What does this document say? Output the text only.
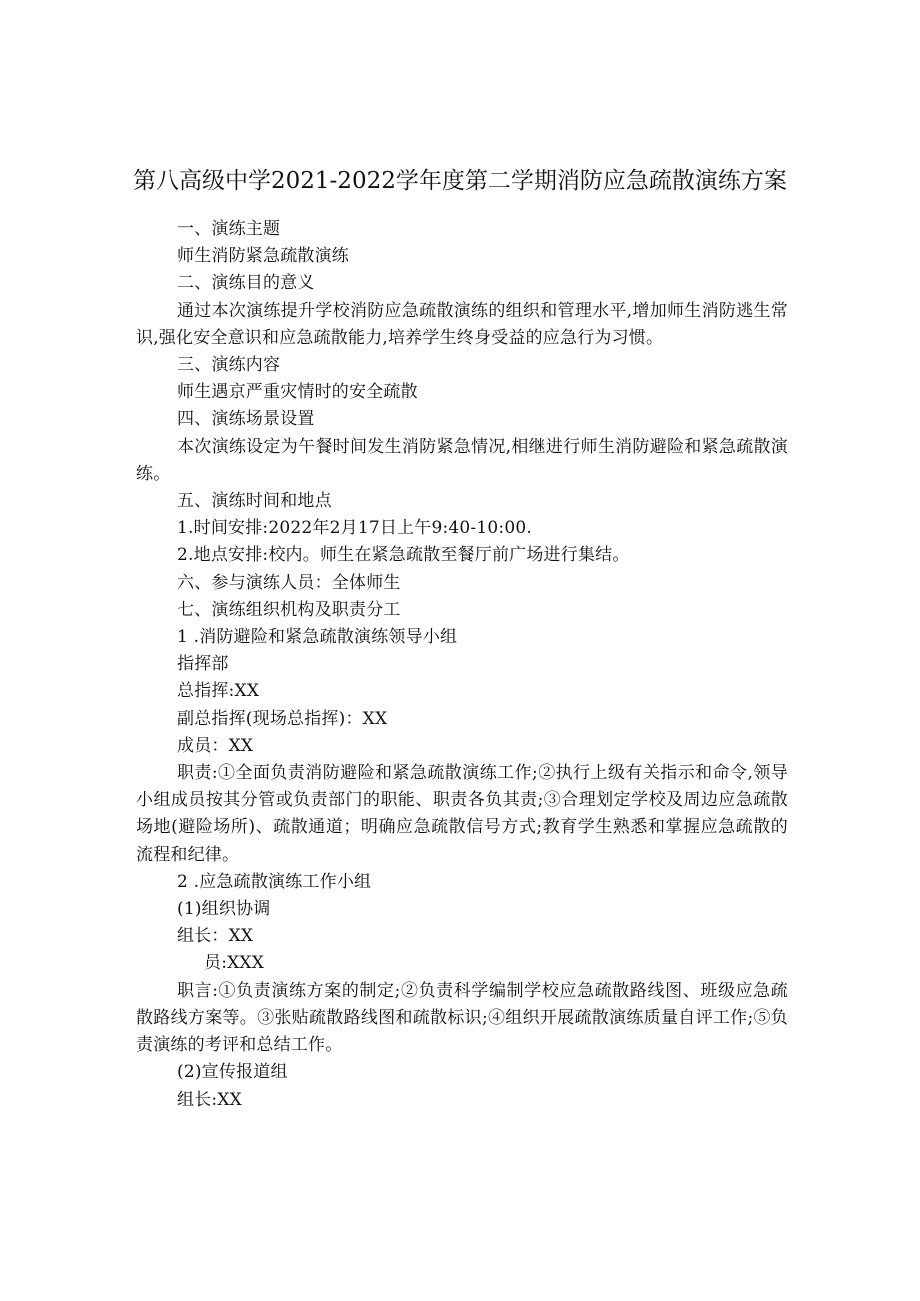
第八高级中学2021-2022学年度第二学期消防应急疏散演练方案

一、演练主题

师生消防紧急疏散演练

二、演练目的意义

通过本次演练提升学校消防应急疏散演练的组织和管理水平,增加师生消防逃生常识,强化安全意识和应急疏散能力,培养学生终身受益的应急行为习惯。

三、演练内容

师生遇京严重灾情时的安全疏散

四、演练场景设置

本次演练设定为午餐时间发生消防紧急情况,相继进行师生消防避险和紧急疏散演练。

五、演练时间和地点

1.时间安排:2022年2月17日上午9:40-10:00.

2.地点安排:校内。师生在紧急疏散至餐厅前广场进行集结。

六、参与演练人员：全体师生

七、演练组织机构及职责分工

1 .消防避险和紧急疏散演练领导小组

指挥部

总指挥:XX

副总指挥(现场总指挥)：XX

成员：XX

职责:①全面负责消防避险和紧急疏散演练工作;②执行上级有关指示和命令,领导小组成员按其分管或负责部门的职能、职责各负其责;③合理划定学校及周边应急疏散场地(避险场所)、疏散通道；明确应急疏散信号方式;教育学生熟悉和掌握应急疏散的流程和纪律。

2 .应急疏散演练工作小组

(1)组织协调

组长：XX

员:XXX

职言:①负责演练方案的制定;②负责科学编制学校应急疏散路线图、班级应急疏散路线方案等。③张贴疏散路线图和疏散标识;④组织开展疏散演练质量自评工作;⑤负责演练的考评和总结工作。

(2)宣传报道组

组长:XX
